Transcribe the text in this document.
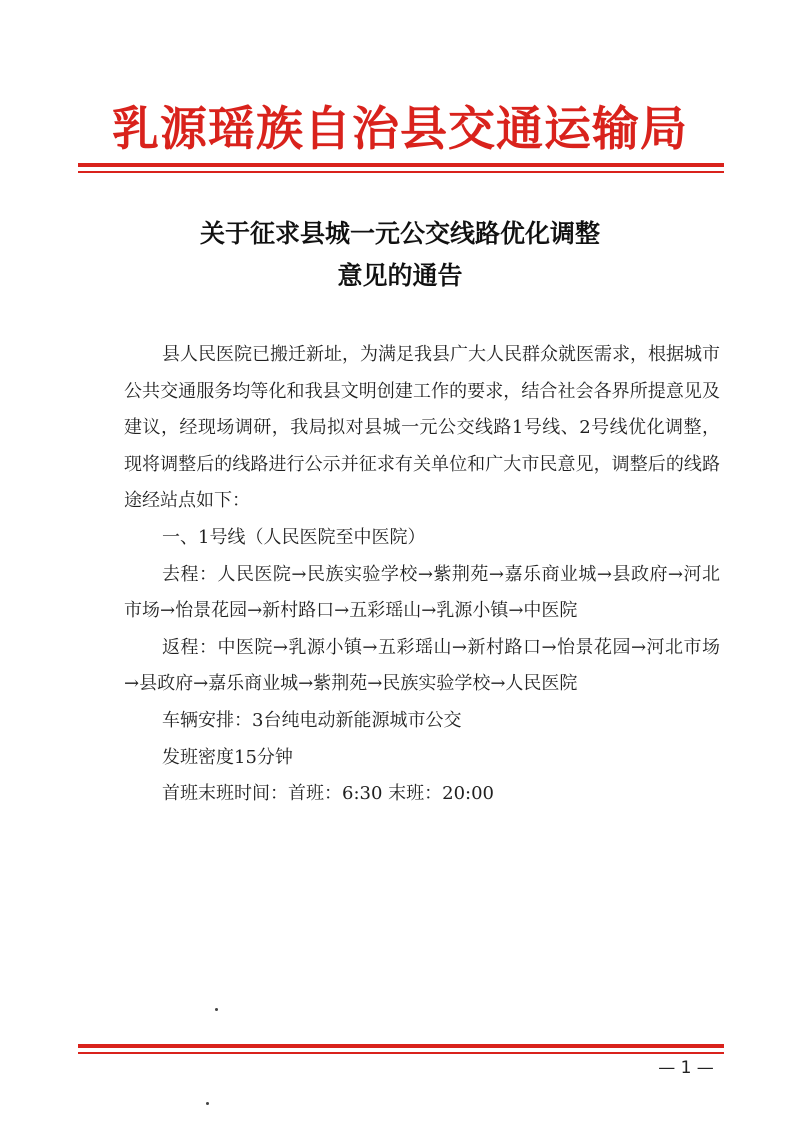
乳源瑶族自治县交通运输局
关于征求县城一元公交线路优化调整
意见的通告

县人民医院已搬迁新址，为满足我县广大人民群众就医需求，根据城市公共交通服务均等化和我县文明创建工作的要求，结合社会各界所提意见及建议，经现场调研，我局拟对县城一元公交线路1号线、2号线优化调整，现将调整后的线路进行公示并征求有关单位和广大市民意见，调整后的线路途经站点如下：

一、1号线（人民医院至中医院）

去程：人民医院→民族实验学校→紫荆苑→嘉乐商业城→县政府→河北市场→怡景花园→新村路口→五彩瑶山→乳源小镇→中医院

返程：中医院→乳源小镇→五彩瑶山→新村路口→怡景花园→河北市场→县政府→嘉乐商业城→紫荆苑→民族实验学校→人民医院

车辆安排：3台纯电动新能源城市公交

发班密度15分钟

首班末班时间：首班：6:30 末班：20:00

— 1 —
